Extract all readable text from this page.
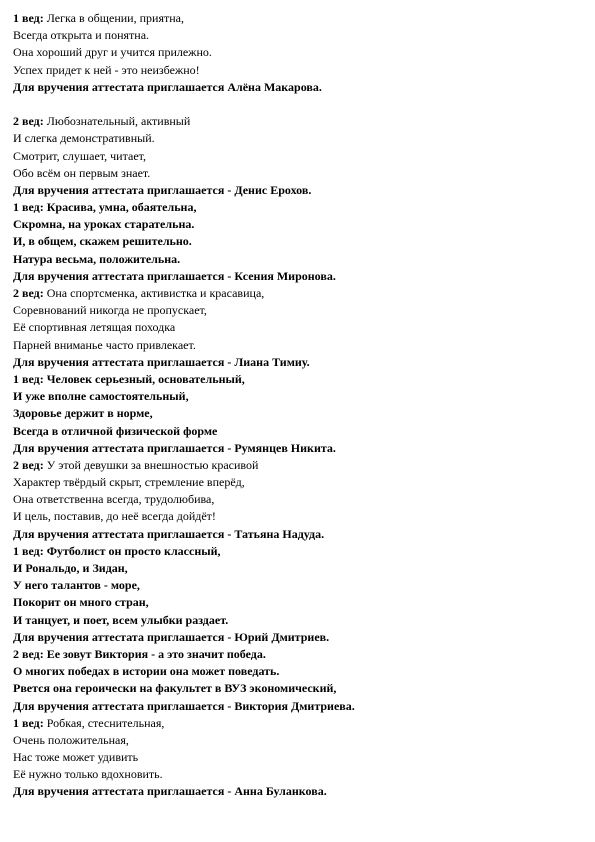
1 вед: Легка в общении, приятна,
Всегда открыта и понятна.
Она хороший друг и учится прилежно.
Успех придет к ней - это неизбежно!
Для вручения аттестата приглашается Алёна Макарова.
2 вед: Любознательный, активный
И слегка демонстративный.
Смотрит, слушает, читает,
Обо всём он первым знает.
Для вручения аттестата приглашается - Денис Ерохов.
1 вед: Красива, умна, обаятельна,
Скромна, на уроках старательна.
И, в общем, скажем решительно.
Натура весьма, положительна.
Для вручения аттестата приглашается - Ксения Миронова.
2 вед: Она спортсменка, активистка и красавица,
Соревнований никогда не пропускает,
Её спортивная летящая походка
Парней вниманье часто привлекает.
Для вручения аттестата приглашается - Лиана Тимиу.
1 вед: Человек серьезный, основательный,
И уже вполне самостоятельный,
Здоровье держит в норме,
Всегда в отличной физической форме
Для вручения аттестата приглашается - Румянцев Никита.
2 вед: У этой девушки за внешностью красивой
Характер твёрдый скрыт, стремление вперёд,
Она ответственна всегда, трудолюбива,
И цель, поставив, до неё всегда дойдёт!
Для вручения аттестата приглашается - Татьяна Надуда.
1 вед: Футболист он просто классный,
И Рональдо, и Зидан,
У него талантов - море,
Покорит он много стран,
И танцует, и поет, всем улыбки раздает.
Для вручения аттестата приглашается - Юрий Дмитриев.
2 вед: Ее зовут Виктория - а это значит победа.
О многих победах в истории она может поведать.
Рвется она героически на факультет в ВУЗ экономический,
Для вручения аттестата приглашается - Виктория Дмитриева.
1 вед: Робкая, стеснительная,
Очень положительная,
Нас тоже может удивить
Её нужно только вдохновить.
Для вручения аттестата приглашается - Анна Буланкова.
